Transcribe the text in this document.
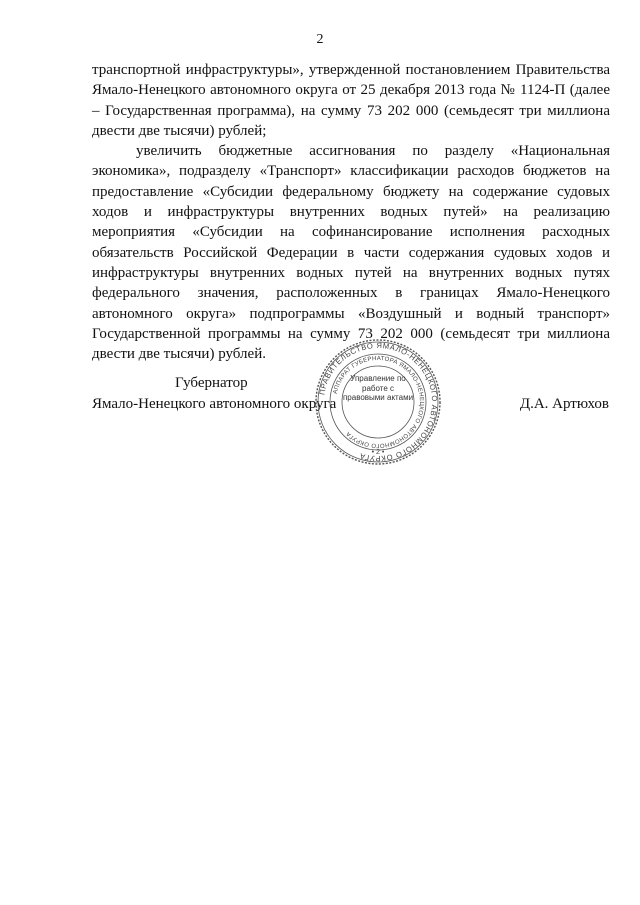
2

транспортной инфраструктуры», утвержденной постановлением Правительства Ямало-Ненецкого автономного округа от 25 декабря 2013 года № 1124-П (далее – Государственная программа), на сумму 73 202 000 (семьдесят три миллиона двести две тысячи) рублей;

увеличить бюджетные ассигнования по разделу «Национальная экономика», подразделу «Транспорт» классификации расходов бюджетов на предоставление «Субсидии федеральному бюджету на содержание судовых ходов и инфраструктуры внутренних водных путей» на реализацию мероприятия «Субсидии на софинансирование исполнения расходных обязательств Российской Федерации в части содержания судовых ходов и инфраструктуры внутренних водных путей на внутренних водных путях федерального значения, расположенных в границах Ямало-Ненецкого автономного округа» подпрограммы «Воздушный и водный транспорт» Государственной программы на сумму 73 202 000 (семьдесят три миллиона двести две тысячи) рублей.

Губернатор
Ямало-Ненецкого автономного округа	Д.А. Артюхов
ПРАВИТЕЛЬСТВО ЯМАЛО-НЕНЕЦКОГО АВТОНОМНОГО ОКРУГА
АППАРАТ ГУБЕРНАТОРА ЯМАЛО-НЕНЕЦКОГО АВТОНОМНОГО ОКРУГА
• 2 •
Управление по работе с правовыми актами
